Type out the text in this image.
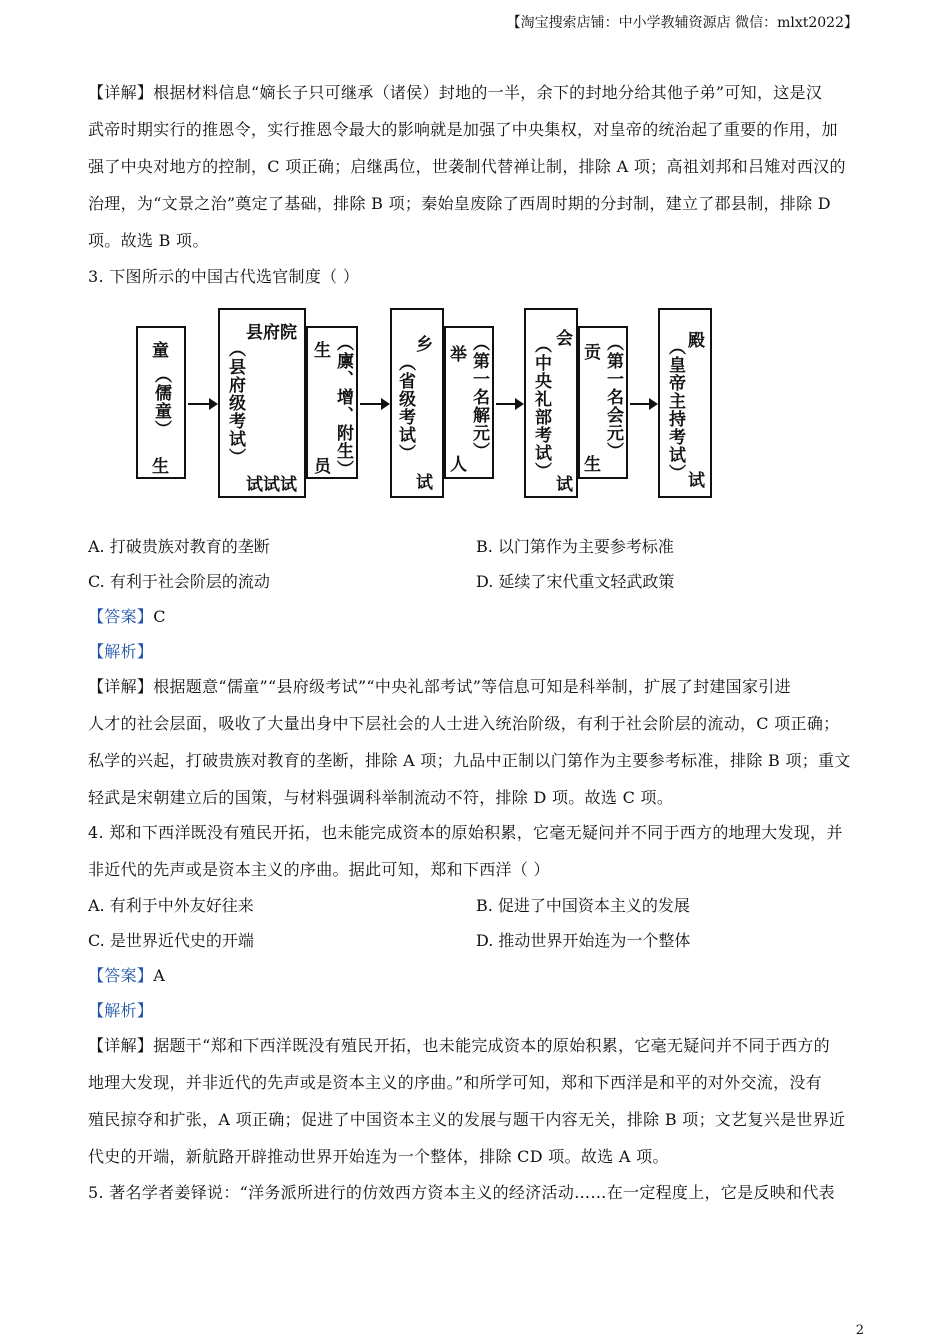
【淘宝搜索店铺：中小学教辅资源店 微信：mlxt2022】
【详解】根据材料信息“嫡长子只可继承（诸侯）封地的一半，余下的封地分给其他子弟”可知，这是汉
武帝时期实行的推恩令，实行推恩令最大的影响就是加强了中央集权，对皇帝的统治起了重要的作用，加
强了中央对地方的控制，C 项正确；启继禹位，世袭制代替禅让制，排除 A 项；高祖刘邦和吕雉对西汉的
治理，为“文景之治”奠定了基础，排除 B 项；秦始皇废除了西周时期的分封制，建立了郡县制，排除 D
项。故选 B 项。
3. 下图所示的中国古代选官制度（ ）
童
（儒童）
生
县府院
（县府级考试）
试试试
生 （廪、增、附生）
员
乡
（省级考试）
试
举 （第一名解元）
人
会
（中央礼部考试）
试
贡 （第一名会元）
生
殿
（皇帝主持考试） 试
A. 打破贵族对教育的垄断	B. 以门第作为主要参考标准
C. 有利于社会阶层的流动	D. 延续了宋代重文轻武政策
【答案】C
【解析】
【详解】根据题意“儒童”“县府级考试”“中央礼部考试”等信息可知是科举制，扩展了封建国家引进
人才的社会层面，吸收了大量出身中下层社会的人士进入统治阶级，有利于社会阶层的流动，C 项正确；
私学的兴起，打破贵族对教育的垄断，排除 A 项；九品中正制以门第作为主要参考标准，排除 B 项；重文
轻武是宋朝建立后的国策，与材料强调科举制流动不符，排除 D 项。故选 C 项。
4. 郑和下西洋既没有殖民开拓，也未能完成资本的原始积累，它毫无疑问并不同于西方的地理大发现，并
非近代的先声或是资本主义的序曲。据此可知，郑和下西洋（ ）
A. 有利于中外友好往来	B. 促进了中国资本主义的发展
C. 是世界近代史的开端	D. 推动世界开始连为一个整体
【答案】A
【解析】
【详解】据题干“郑和下西洋既没有殖民开拓，也未能完成资本的原始积累，它毫无疑问并不同于西方的
地理大发现，并非近代的先声或是资本主义的序曲。”和所学可知，郑和下西洋是和平的对外交流，没有
殖民掠夺和扩张，A 项正确；促进了中国资本主义的发展与题干内容无关，排除 B 项；文艺复兴是世界近
代史的开端，新航路开辟推动世界开始连为一个整体，排除 CD 项。故选 A 项。
5. 著名学者姜铎说：“洋务派所进行的仿效西方资本主义的经济活动……在一定程度上，它是反映和代表
2
